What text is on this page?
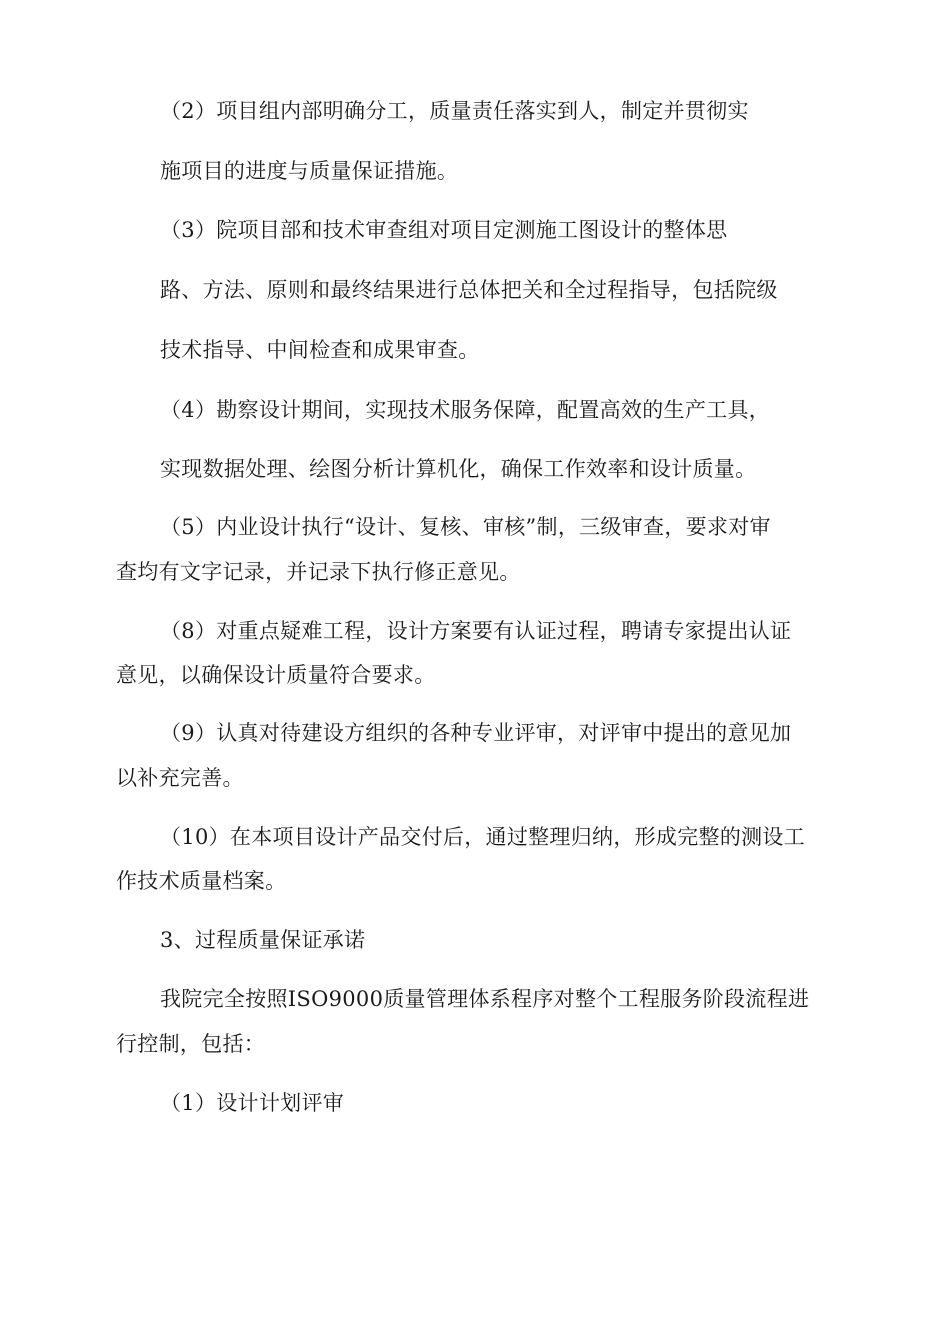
（2）项目组内部明确分工，质量责任落实到人，制定并贯彻实
施项目的进度与质量保证措施。
（3）院项目部和技术审查组对项目定测施工图设计的整体思
路、方法、原则和最终结果进行总体把关和全过程指导，包括院级
技术指导、中间检查和成果审查。
（4）勘察设计期间，实现技术服务保障，配置高效的生产工具，
实现数据处理、绘图分析计算机化，确保工作效率和设计质量。
（5）内业设计执行“设计、复核、审核”制，三级审查，要求对审
查均有文字记录，并记录下执行修正意见。
（8）对重点疑难工程，设计方案要有认证过程，聘请专家提出认证
意见，以确保设计质量符合要求。
（9）认真对待建设方组织的各种专业评审，对评审中提出的意见加
以补充完善。
（10）在本项目设计产品交付后，通过整理归纳，形成完整的测设工
作技术质量档案。
3、过程质量保证承诺
我院完全按照ISO9000质量管理体系程序对整个工程服务阶段流程进
行控制，包括：
（1）设计计划评审
